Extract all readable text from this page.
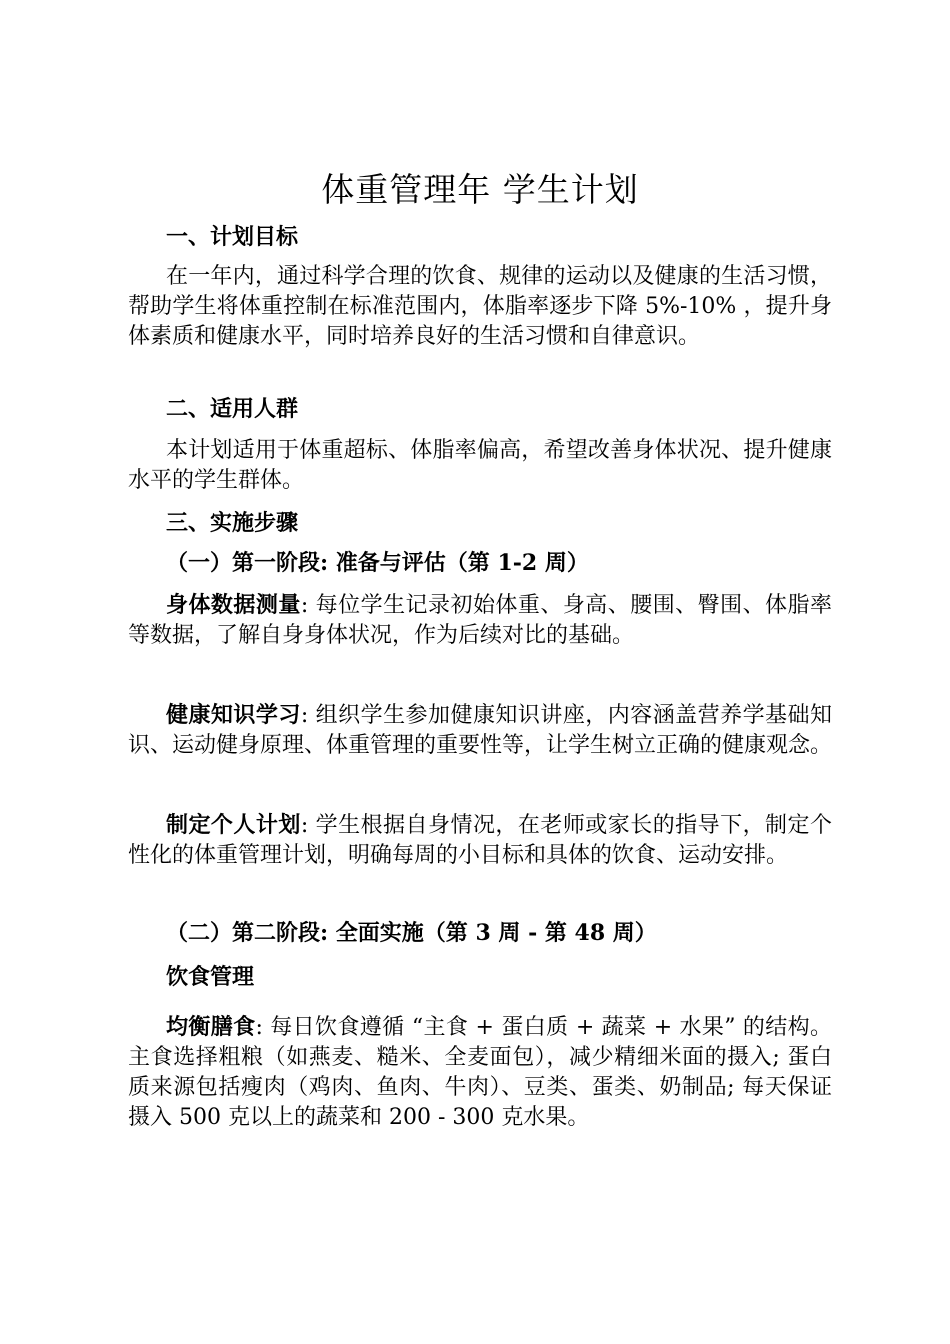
体重管理年 学生计划
一、计划目标

在一年内，通过科学合理的饮食、规律的运动以及健康的生活习惯，帮助学生将体重控制在标准范围内，体脂率逐步下降 5%-10% ，提升身体素质和健康水平，同时培养良好的生活习惯和自律意识。

二、适用人群

本计划适用于体重超标、体脂率偏高，希望改善身体状况、提升健康水平的学生群体。

三、实施步骤
（一）第一阶段: 准备与评估（第 1-2 周）

身体数据测量: 每位学生记录初始体重、身高、腰围、臀围、体脂率等数据，了解自身身体状况，作为后续对比的基础。

健康知识学习: 组织学生参加健康知识讲座，内容涵盖营养学基础知识、运动健身原理、体重管理的重要性等，让学生树立正确的健康观念。

制定个人计划: 学生根据自身情况，在老师或家长的指导下，制定个性化的体重管理计划，明确每周的小目标和具体的饮食、运动安排。

（二）第二阶段: 全面实施（第 3 周 - 第 48 周）
饮食管理

均衡膳食: 每日饮食遵循 “主食 + 蛋白质 + 蔬菜 + 水果” 的结构。主食选择粗粮（如燕麦、糙米、全麦面包），减少精细米面的摄入; 蛋白质来源包括瘦肉（鸡肉、鱼肉、牛肉）、豆类、蛋类、奶制品; 每天保证摄入 500 克以上的蔬菜和 200 - 300 克水果。
